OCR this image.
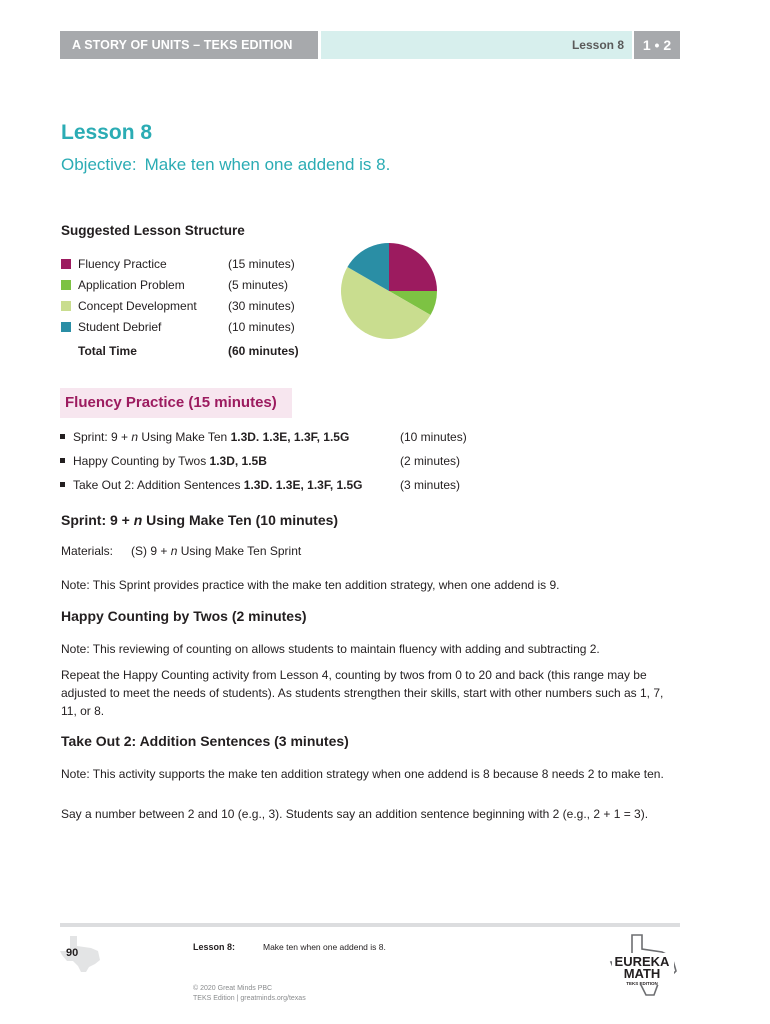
A STORY OF UNITS – TEKS EDITION	Lesson 8	1 • 2
Lesson 8
Objective: Make ten when one addend is 8.
Suggested Lesson Structure
Fluency Practice	(15 minutes)
Application Problem	(5 minutes)
Concept Development	(30 minutes)
Student Debrief	(10 minutes)
Total Time	(60 minutes)
Fluency Practice (15 minutes)
Sprint: 9 + n Using Make Ten 1.3D. 1.3E, 1.3F, 1.5G	(10 minutes)
Happy Counting by Twos 1.3D, 1.5B	(2 minutes)
Take Out 2: Addition Sentences 1.3D. 1.3E, 1.3F, 1.5G	(3 minutes)
Sprint: 9 + n Using Make Ten (10 minutes)
Materials: (S) 9 + n Using Make Ten Sprint
Note: This Sprint provides practice with the make ten addition strategy, when one addend is 9.
Happy Counting by Twos (2 minutes)
Note: This reviewing of counting on allows students to maintain fluency with adding and subtracting 2.
Repeat the Happy Counting activity from Lesson 4, counting by twos from 0 to 20 and back (this range may be adjusted to meet the needs of students). As students strengthen their skills, start with other numbers such as 1, 7, 11, or 8.
Take Out 2: Addition Sentences (3 minutes)
Note: This activity supports the make ten addition strategy when one addend is 8 because 8 needs 2 to make ten.
Say a number between 2 and 10 (e.g., 3). Students say an addition sentence beginning with 2 (e.g., 2 + 1 = 3).
90	Lesson 8:	Make ten when one addend is 8.
© 2020 Great Minds PBC
TEKS Edition | greatminds.org/texas
EUREKA
MATH
TEKS EDITION
